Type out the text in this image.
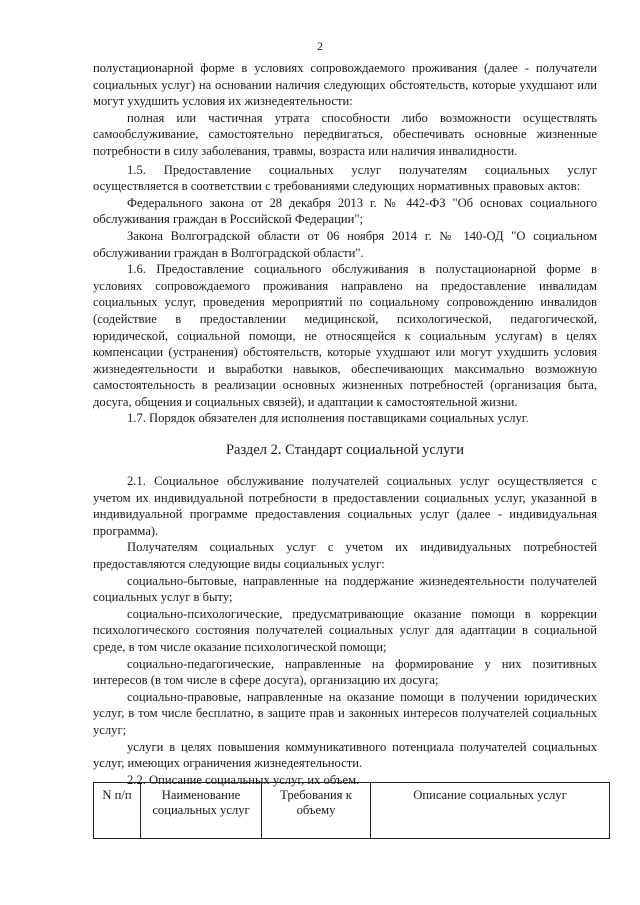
2

полустационарной форме в условиях сопровождаемого проживания (далее - получатели социальных услуг) на основании наличия следующих обстоятельств, которые ухудшают или могут ухудшить условия их жизнедеятельности:

полная или частичная утрата способности либо возможности осуществлять самообслуживание, самостоятельно передвигаться, обеспечивать основные жизненные потребности в силу заболевания, травмы, возраста или наличия инвалидности.

1.5. Предоставление социальных услуг получателям социальных услуг осуществляется в соответствии с требованиями следующих нормативных правовых актов:

Федерального закона от 28 декабря 2013 г. № 442-ФЗ "Об основах социального обслуживания граждан в Российской Федерации";

Закона Волгоградской области от 06 ноября 2014 г. № 140-ОД "О социальном обслуживании граждан в Волгоградской области".

1.6. Предоставление социального обслуживания в полустационарной форме в условиях сопровождаемого проживания направлено на предоставление инвалидам социальных услуг, проведения мероприятий по социальному сопровождению инвалидов (содействие в предоставлении медицинской, психологической, педагогической, юридической, социальной помощи, не относящейся к социальным услугам) в целях компенсации (устранения) обстоятельств, которые ухудшают или могут ухудшить условия жизнедеятельности и выработки навыков, обеспечивающих максимально возможную самостоятельность в реализации основных жизненных потребностей (организация быта, досуга, общения и социальных связей), и адаптации к самостоятельной жизни.

1.7. Порядок обязателен для исполнения поставщиками социальных услуг.

Раздел 2. Стандарт социальной услуги

2.1. Социальное обслуживание получателей социальных услуг осуществляется с учетом их индивидуальной потребности в предоставлении социальных услуг, указанной в индивидуальной программе предоставления социальных услуг (далее - индивидуальная программа).

Получателям социальных услуг с учетом их индивидуальных потребностей предоставляются следующие виды социальных услуг:

социально-бытовые, направленные на поддержание жизнедеятельности получателей социальных услуг в быту;

социально-психологические, предусматривающие оказание помощи в коррекции психологического состояния получателей социальных услуг для адаптации в социальной среде, в том числе оказание психологической помощи;

социально-педагогические, направленные на формирование у них позитивных интересов (в том числе в сфере досуга), организацию их досуга;

социально-правовые, направленные на оказание помощи в получении юридических услуг, в том числе бесплатно, в защите прав и законных интересов получателей социальных услуг;

услуги в целях повышения коммуникативного потенциала получателей социальных услуг, имеющих ограничения жизнедеятельности.

2.2. Описание социальных услуг, их объем.

N п/п	Наименование социальных услуг	Требования к объему	Описание социальных услуг
